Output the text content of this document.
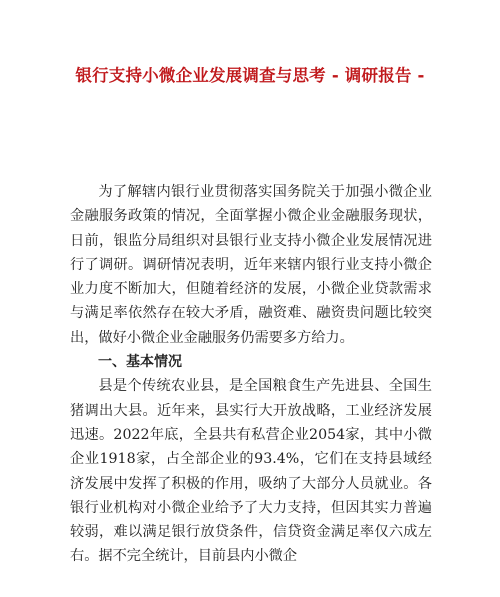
银行支持小微企业发展调查与思考 - 调研报告 -

为了解辖内银行业贯彻落实国务院关于加强小微企业金融服务政策的情况，全面掌握小微企业金融服务现状，日前，银监分局组织对县银行业支持小微企业发展情况进行了调研。调研情况表明，近年来辖内银行业支持小微企业力度不断加大，但随着经济的发展，小微企业贷款需求与满足率依然存在较大矛盾，融资难、融资贵问题比较突出，做好小微企业金融服务仍需要多方给力。

一、基本情况

县是个传统农业县，是全国粮食生产先进县、全国生猪调出大县。近年来，县实行大开放战略，工业经济发展迅速。2022年底，全县共有私营企业2054家，其中小微企业1918家，占全部企业的93.4%，它们在支持县域经济发展中发挥了积极的作用，吸纳了大部分人员就业。各银行业机构对小微企业给予了大力支持，但因其实力普遍较弱，难以满足银行放贷条件，信贷资金满足率仅六成左右。据不完全统计，目前县内小微企
